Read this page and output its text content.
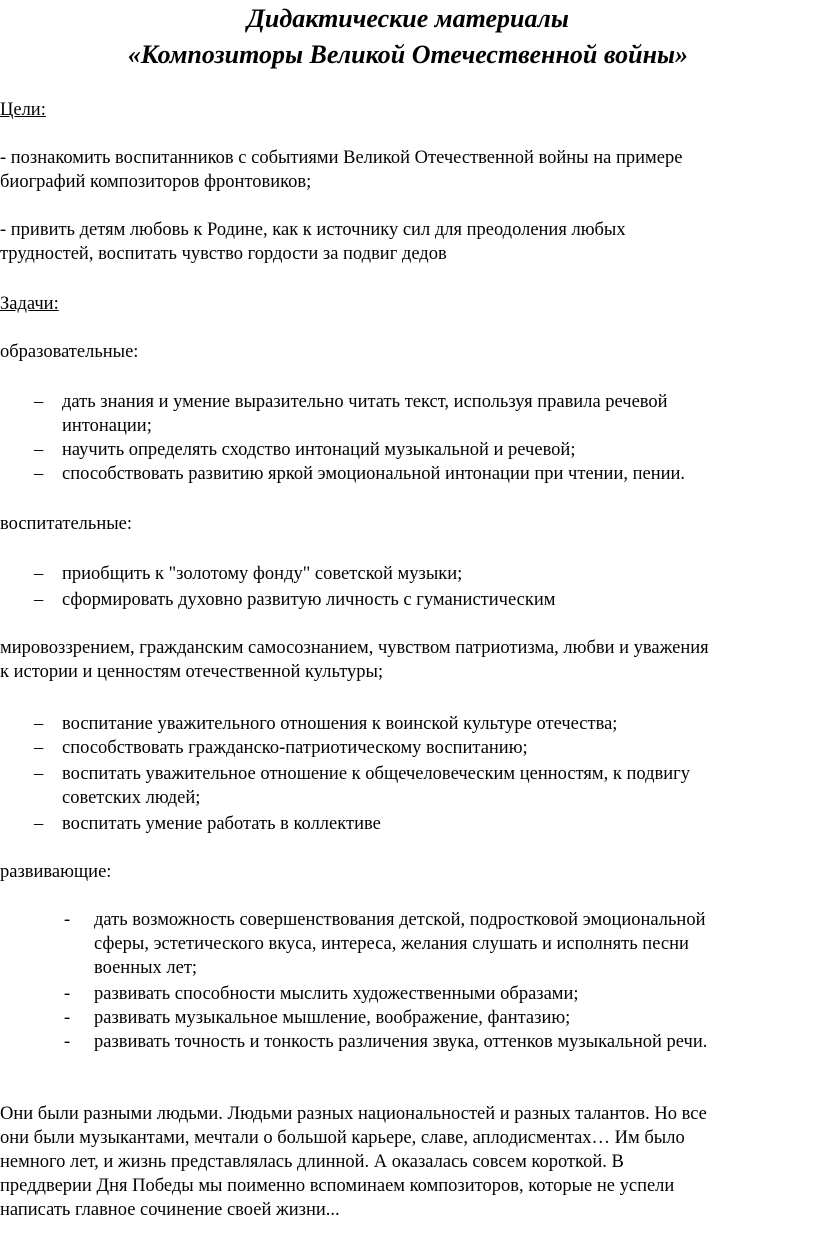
Дидактические материалы
«Композиторы Великой Отечественной войны»
Цели:
- познакомить воспитанников с событиями Великой Отечественной войны на примере
биографий композиторов фронтовиков;
- привить детям любовь к Родине, как к источнику сил для преодоления любых
трудностей, воспитать чувство гордости за подвиг дедов
Задачи:
образовательные:
– дать знания и умение выразительно читать текст, используя правила речевой
интонации;
– научить определять сходство интонаций музыкальной и речевой;
– способствовать развитию яркой эмоциональной интонации при чтении, пении.
воспитательные:
– приобщить к "золотому фонду" советской музыки;
– сформировать духовно развитую личность с гуманистическим
мировоззрением, гражданским самосознанием, чувством патриотизма, любви и уважения
к истории и ценностям отечественной культуры;
– воспитание уважительного отношения к воинской культуре отечества;
– способствовать гражданско-патриотическому воспитанию;
– воспитать уважительное отношение к общечеловеческим ценностям, к подвигу
советских людей;
– воспитать умение работать в коллективе
развивающие:
- дать возможность совершенствования детской, подростковой эмоциональной
сферы, эстетического вкуса, интереса, желания слушать и исполнять песни
военных лет;
- развивать способности мыслить художественными образами;
- развивать музыкальное мышление, воображение, фантазию;
- развивать точность и тонкость различения звука, оттенков музыкальной речи.
Они были разными людьми. Людьми разных национальностей и разных талантов. Но все
они были музыкантами, мечтали о большой карьере, славе, аплодисментах… Им было
немного лет, и жизнь представлялась длинной. А оказалась совсем короткой. В
преддверии Дня Победы мы поименно вспоминаем композиторов, которые не успели
написать главное сочинение своей жизни...
